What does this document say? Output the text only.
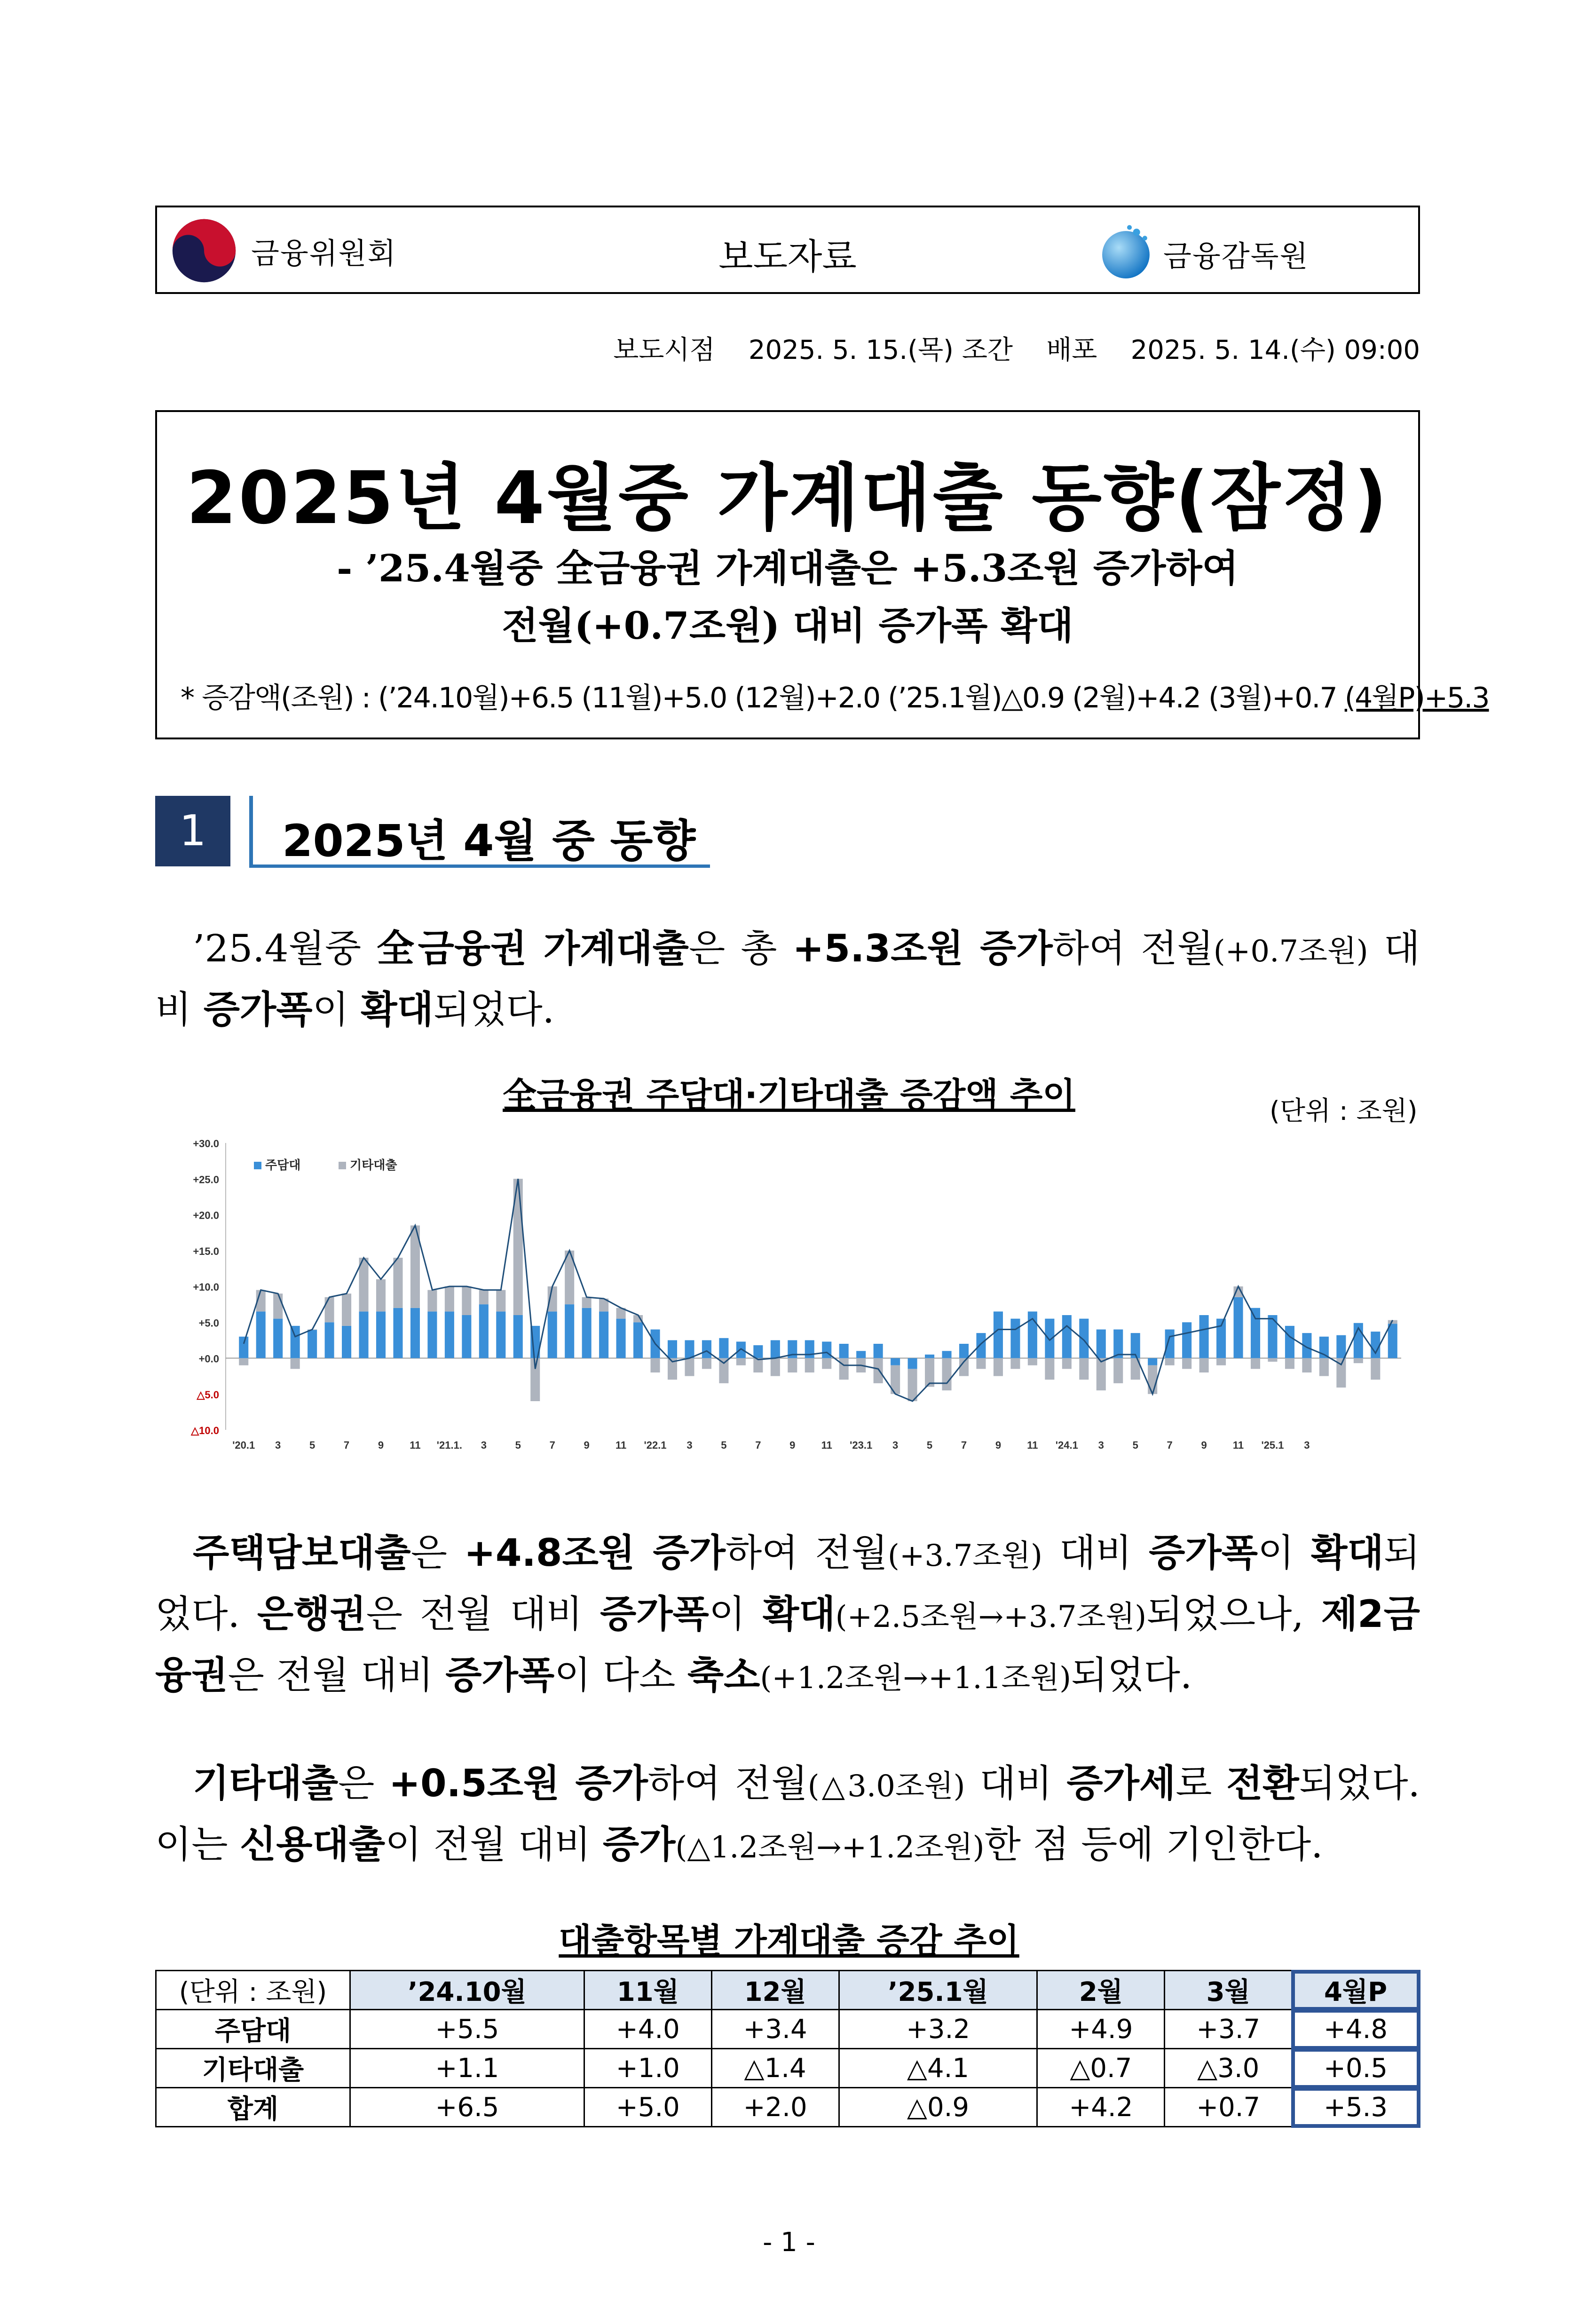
금융위원회	보도자료	금융감독원
보도시점    2025. 5. 15.(목) 조간    배포    2025. 5. 14.(수) 09:00
2025년 4월중 가계대출 동향(잠정)
- ’25.4월중 全금융권 가계대출은 +5.3조원 증가하여
전월(+0.7조원) 대비 증가폭 확대
* 증감액(조원) : (’24.10월)+6.5 (11월)+5.0 (12월)+2.0 (’25.1월)△0.9 (2월)+4.2 (3월)+0.7 (4월P)+5.3
1	2025년 4월 중 동향
’25.4월중 全금융권 가계대출은 총 +5.3조원 증가하여 전월(+0.7조원) 대비 증가폭이 확대되었다.
全금융권 주담대·기타대출 증감액 추이	(단위 : 조원)
+30.0
+25.0
+20.0
+15.0
+10.0
+5.0
+0.0
△5.0
△10.0
'20.1 3	5	7	9	11 '21.1. 3	5	7	9	11 '22.1 3	5	7	9	11 '23.1 3	5	7	9	11 '24.1 3	5	7	9	11 '25.1 3
주담대	기타대출
주택담보대출은 +4.8조원 증가하여 전월(+3.7조원) 대비 증가폭이 확대되었다. 은행권은 전월 대비 증가폭이 확대(+2.5조원→+3.7조원)되었으나, 제2금융권은 전월 대비 증가폭이 다소 축소(+1.2조원→+1.1조원)되었다.
기타대출은 +0.5조원 증가하여 전월(△3.0조원) 대비 증가세로 전환되었다. 이는 신용대출이 전월 대비 증가(△1.2조원→+1.2조원)한 점 등에 기인한다.
대출항목별 가계대출 증감 추이
(단위 : 조원)	’24.10월	11월	12월	’25.1월	2월	3월	4월P
주담대	+5.5	+4.0	+3.4	+3.2	+4.9	+3.7	+4.8
기타대출	+1.1	+1.0	△1.4	△4.1	△0.7	△3.0	+0.5
합계	+6.5	+5.0	+2.0	△0.9	+4.2	+0.7	+5.3
- 1 -
